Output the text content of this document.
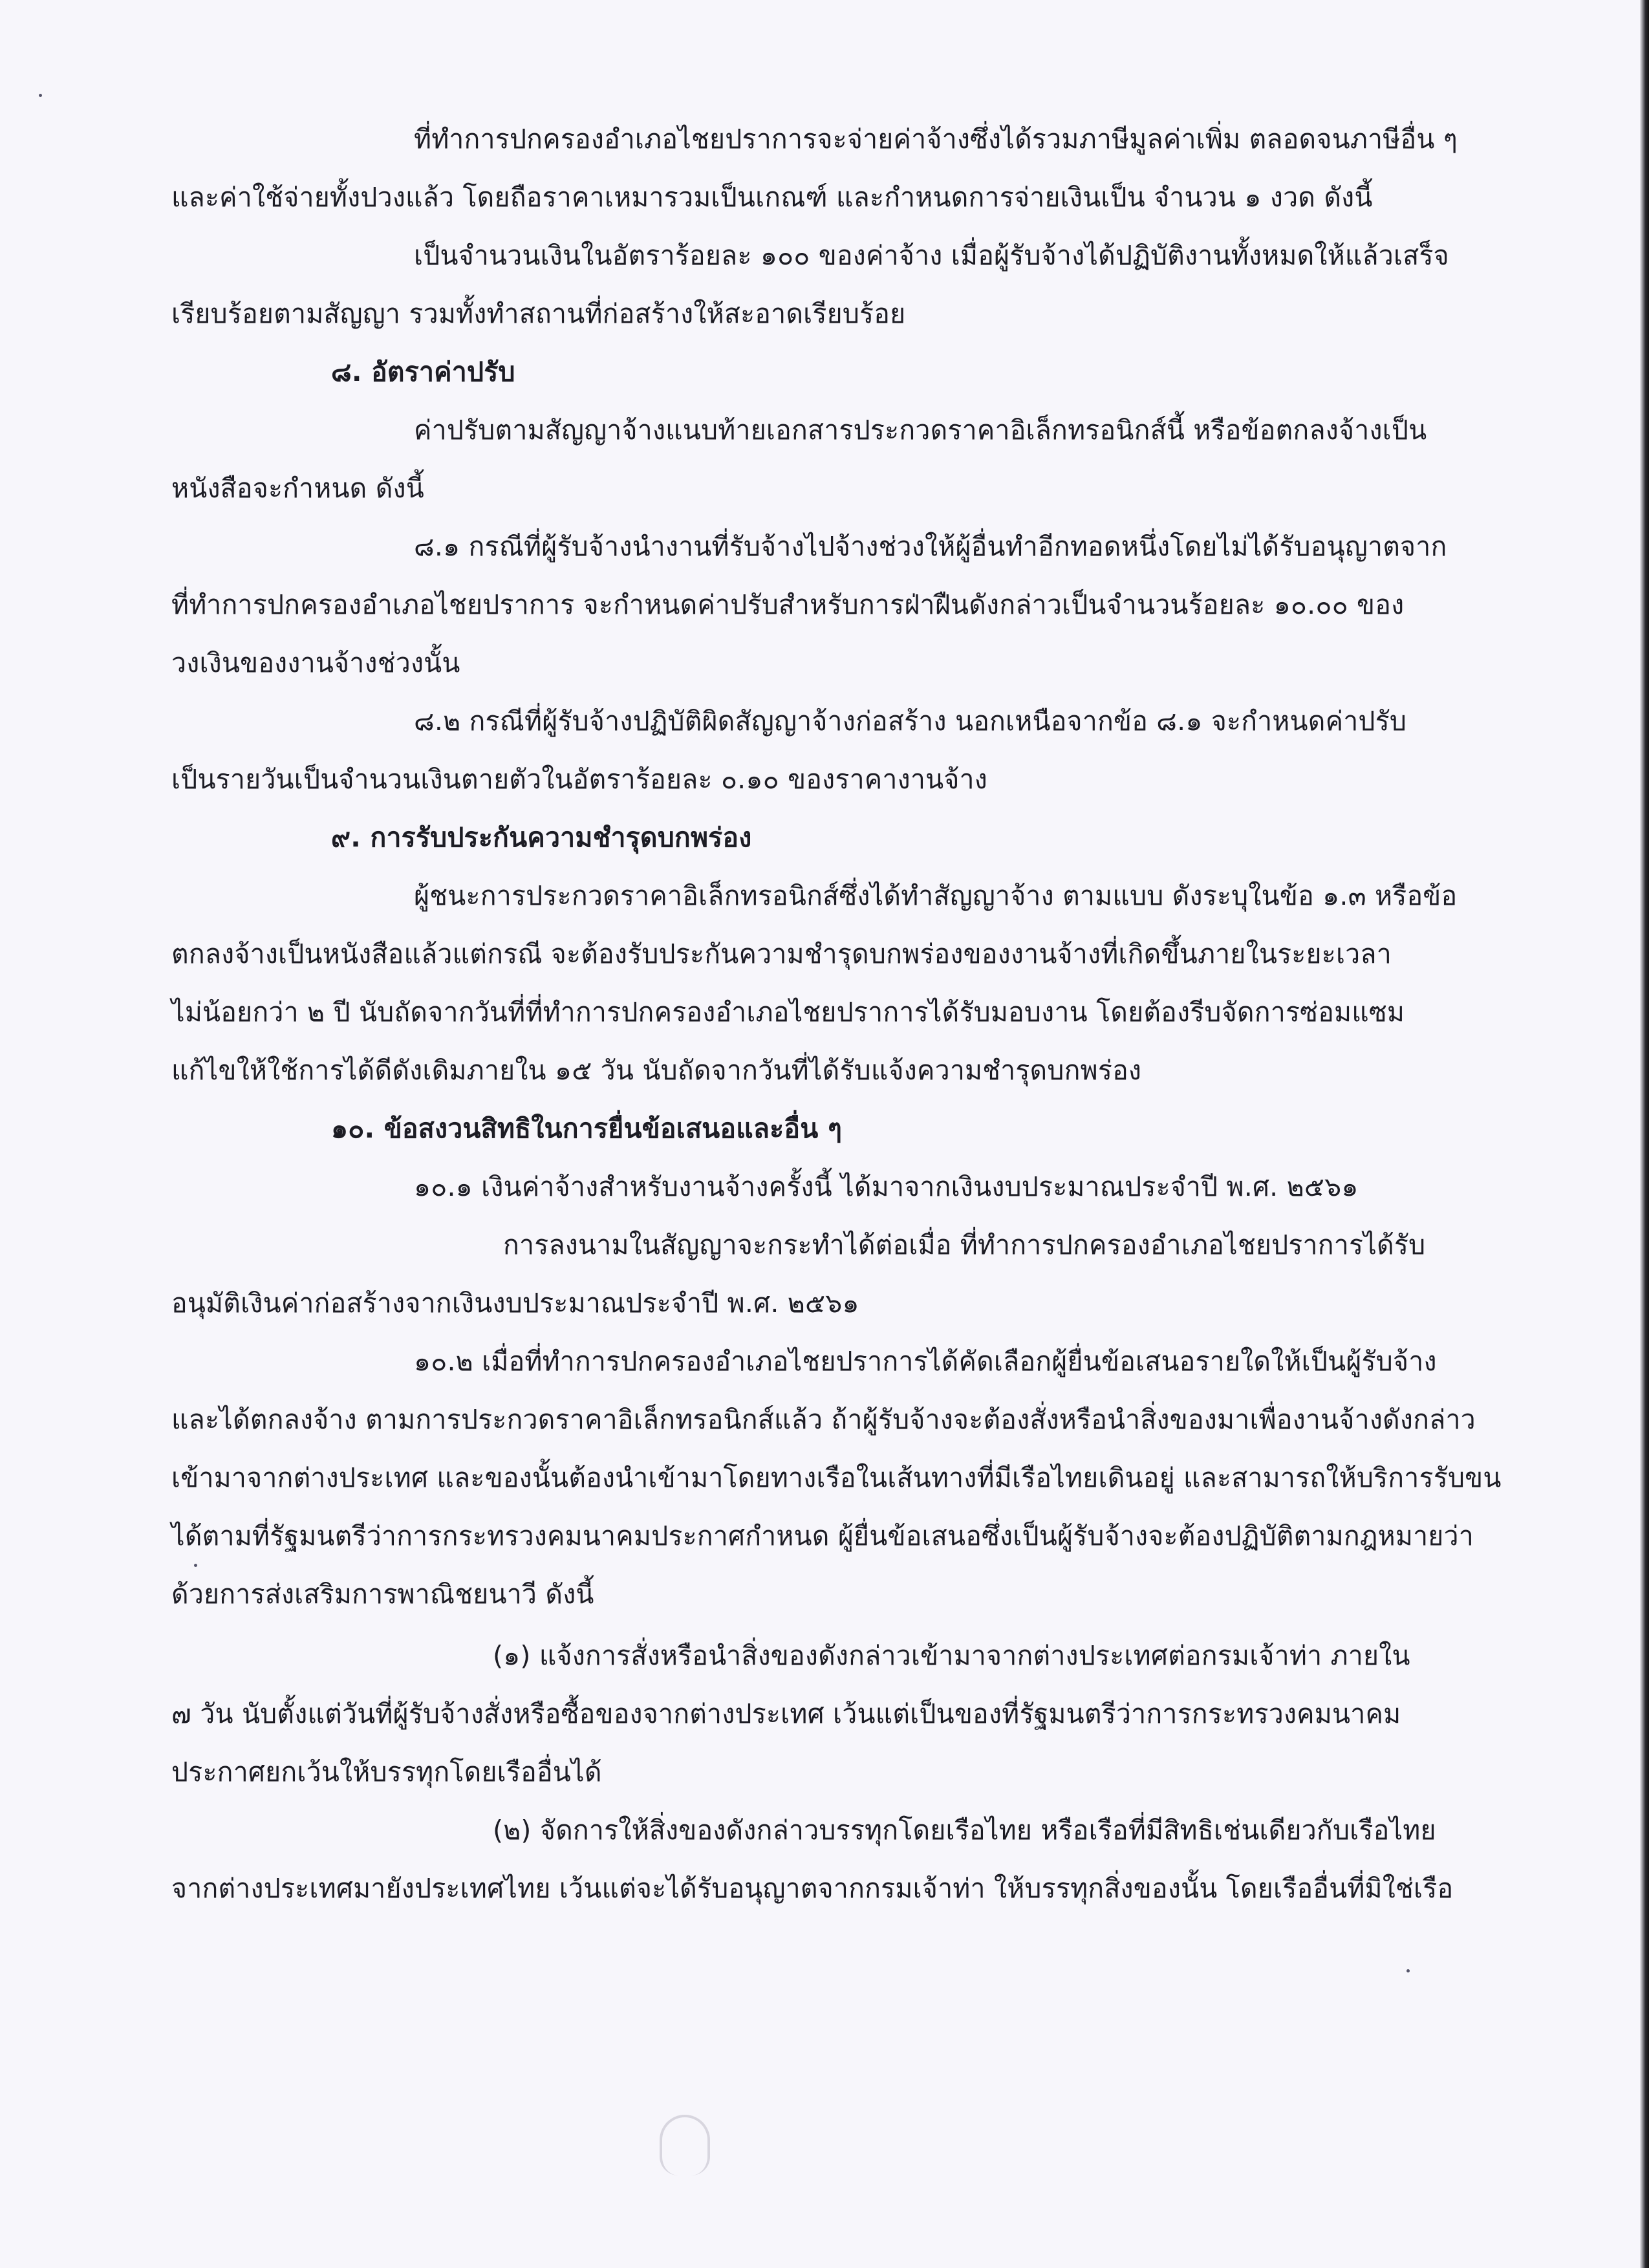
ที่ทำการปกครองอำเภอไชยปราการจะจ่ายค่าจ้างซึ่งได้รวมภาษีมูลค่าเพิ่ม ตลอดจนภาษีอื่น ๆ
และค่าใช้จ่ายทั้งปวงแล้ว โดยถือราคาเหมารวมเป็นเกณฑ์ และกำหนดการจ่ายเงินเป็น จำนวน ๑ งวด ดังนี้
เป็นจำนวนเงินในอัตราร้อยละ ๑๐๐ ของค่าจ้าง เมื่อผู้รับจ้างได้ปฏิบัติงานทั้งหมดให้แล้วเสร็จ
เรียบร้อยตามสัญญา รวมทั้งทำสถานที่ก่อสร้างให้สะอาดเรียบร้อย
๘. อัตราค่าปรับ
ค่าปรับตามสัญญาจ้างแนบท้ายเอกสารประกวดราคาอิเล็กทรอนิกส์นี้ หรือข้อตกลงจ้างเป็น
หนังสือจะกำหนด ดังนี้
๘.๑ กรณีที่ผู้รับจ้างนำงานที่รับจ้างไปจ้างช่วงให้ผู้อื่นทำอีกทอดหนึ่งโดยไม่ได้รับอนุญาตจาก
ที่ทำการปกครองอำเภอไชยปราการ จะกำหนดค่าปรับสำหรับการฝ่าฝืนดังกล่าวเป็นจำนวนร้อยละ ๑๐.๐๐ ของ
วงเงินของงานจ้างช่วงนั้น
๘.๒ กรณีที่ผู้รับจ้างปฏิบัติผิดสัญญาจ้างก่อสร้าง นอกเหนือจากข้อ ๘.๑ จะกำหนดค่าปรับ
เป็นรายวันเป็นจำนวนเงินตายตัวในอัตราร้อยละ ๐.๑๐ ของราคางานจ้าง
๙. การรับประกันความชำรุดบกพร่อง
ผู้ชนะการประกวดราคาอิเล็กทรอนิกส์ซึ่งได้ทำสัญญาจ้าง ตามแบบ ดังระบุในข้อ ๑.๓ หรือข้อ
ตกลงจ้างเป็นหนังสือแล้วแต่กรณี จะต้องรับประกันความชำรุดบกพร่องของงานจ้างที่เกิดขึ้นภายในระยะเวลา
ไม่น้อยกว่า ๒ ปี นับถัดจากวันที่ที่ทำการปกครองอำเภอไชยปราการได้รับมอบงาน โดยต้องรีบจัดการซ่อมแซม
แก้ไขให้ใช้การได้ดีดังเดิมภายใน ๑๕ วัน นับถัดจากวันที่ได้รับแจ้งความชำรุดบกพร่อง
๑๐. ข้อสงวนสิทธิในการยื่นข้อเสนอและอื่น ๆ
๑๐.๑ เงินค่าจ้างสำหรับงานจ้างครั้งนี้ ได้มาจากเงินงบประมาณประจำปี พ.ศ. ๒๕๖๑
การลงนามในสัญญาจะกระทำได้ต่อเมื่อ ที่ทำการปกครองอำเภอไชยปราการได้รับ
อนุมัติเงินค่าก่อสร้างจากเงินงบประมาณประจำปี พ.ศ. ๒๕๖๑
๑๐.๒ เมื่อที่ทำการปกครองอำเภอไชยปราการได้คัดเลือกผู้ยื่นข้อเสนอรายใดให้เป็นผู้รับจ้าง
และได้ตกลงจ้าง ตามการประกวดราคาอิเล็กทรอนิกส์แล้ว ถ้าผู้รับจ้างจะต้องสั่งหรือนำสิ่งของมาเพื่องานจ้างดังกล่าว
เข้ามาจากต่างประเทศ และของนั้นต้องนำเข้ามาโดยทางเรือในเส้นทางที่มีเรือไทยเดินอยู่ และสามารถให้บริการรับขน
ได้ตามที่รัฐมนตรีว่าการกระทรวงคมนาคมประกาศกำหนด ผู้ยื่นข้อเสนอซึ่งเป็นผู้รับจ้างจะต้องปฏิบัติตามกฎหมายว่า
ด้วยการส่งเสริมการพาณิชยนาวี ดังนี้
(๑) แจ้งการสั่งหรือนำสิ่งของดังกล่าวเข้ามาจากต่างประเทศต่อกรมเจ้าท่า ภายใน
๗ วัน นับตั้งแต่วันที่ผู้รับจ้างสั่งหรือซื้อของจากต่างประเทศ เว้นแต่เป็นของที่รัฐมนตรีว่าการกระทรวงคมนาคม
ประกาศยกเว้นให้บรรทุกโดยเรืออื่นได้
(๒) จัดการให้สิ่งของดังกล่าวบรรทุกโดยเรือไทย หรือเรือที่มีสิทธิเช่นเดียวกับเรือไทย
จากต่างประเทศมายังประเทศไทย เว้นแต่จะได้รับอนุญาตจากกรมเจ้าท่า ให้บรรทุกสิ่งของนั้น โดยเรืออื่นที่มิใช่เรือ
